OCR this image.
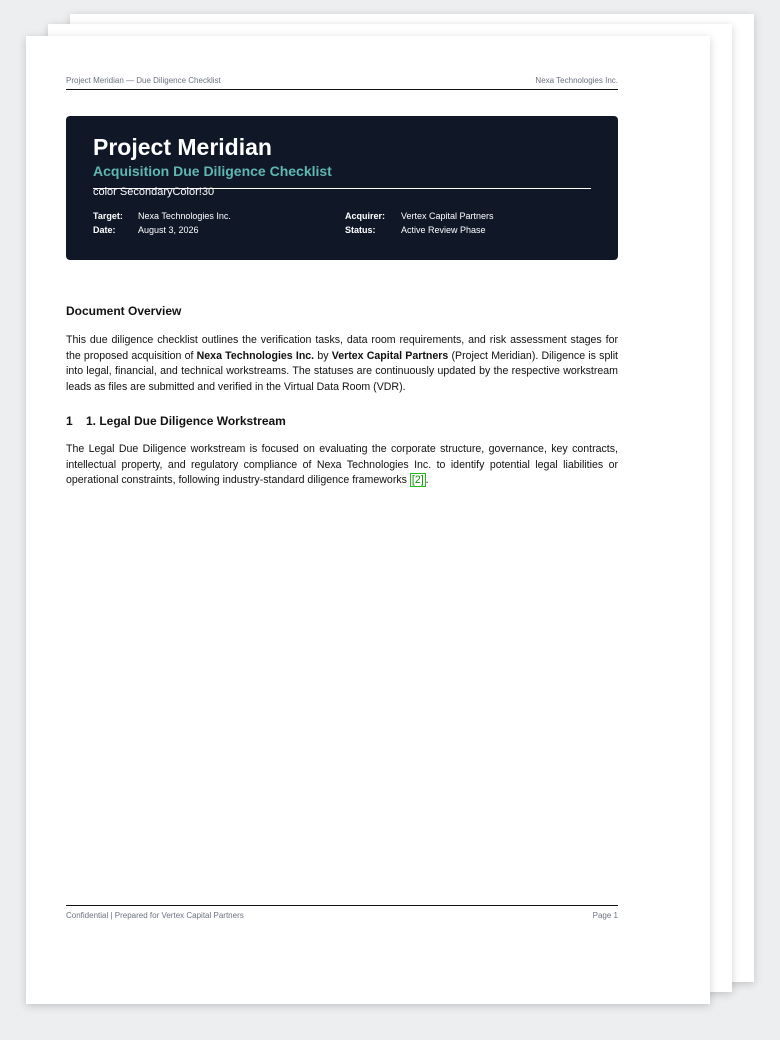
Project Meridian — Due Diligence Checklist	Nexa Technologies Inc.
Project Meridian
Acquisition Due Diligence Checklist
color SecondaryColor!30
Target:	Nexa Technologies Inc.
Date:	August 3, 2026
Acquirer:	Vertex Capital Partners
Status:	Active Review Phase
Document Overview
This due diligence checklist outlines the verification tasks, data room requirements, and risk assessment stages for the proposed acquisition of Nexa Technologies Inc. by Vertex Capital Partners (Project Meridian). Diligence is split into legal, financial, and technical workstreams. The statuses are continuously updated by the respective workstream leads as files are submitted and verified in the Virtual Data Room (VDR).
1 1. Legal Due Diligence Workstream
The Legal Due Diligence workstream is focused on evaluating the corporate structure, governance, key contracts, intellectual property, and regulatory compliance of Nexa Technologies Inc. to identify potential legal liabilities or operational constraints, following industry-standard diligence frameworks [2] .
Confidential | Prepared for Vertex Capital Partners	Page 1
